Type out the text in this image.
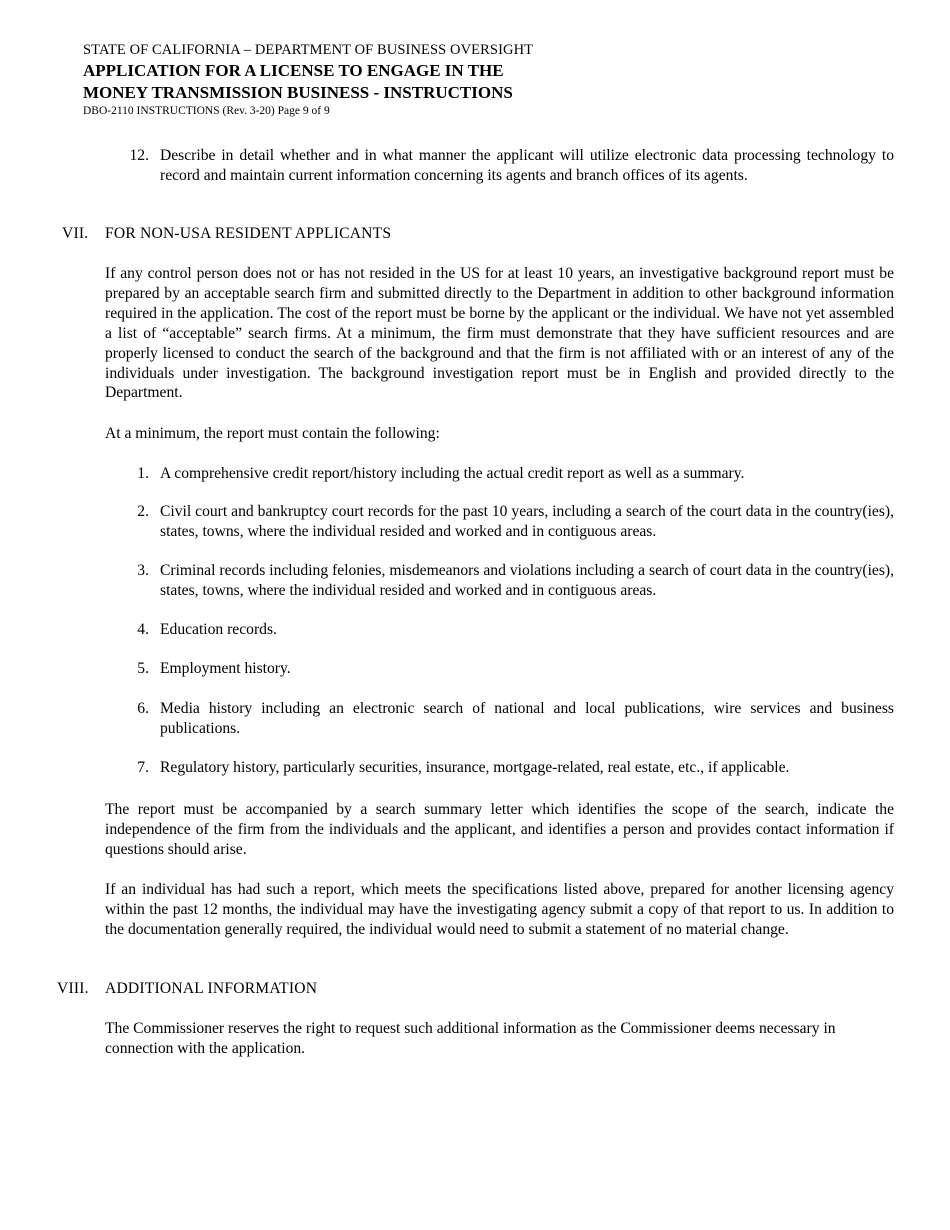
STATE OF CALIFORNIA – DEPARTMENT OF BUSINESS OVERSIGHT
APPLICATION FOR A LICENSE TO ENGAGE IN THE
MONEY TRANSMISSION BUSINESS - INSTRUCTIONS
DBO-2110 INSTRUCTIONS (Rev. 3-20) Page 9 of 9
12. Describe in detail whether and in what manner the applicant will utilize electronic data processing technology to record and maintain current information concerning its agents and branch offices of its agents.
VII. FOR NON-USA RESIDENT APPLICANTS
If any control person does not or has not resided in the US for at least 10 years, an investigative background report must be prepared by an acceptable search firm and submitted directly to the Department in addition to other background information required in the application. The cost of the report must be borne by the applicant or the individual. We have not yet assembled a list of “acceptable” search firms. At a minimum, the firm must demonstrate that they have sufficient resources and are properly licensed to conduct the search of the background and that the firm is not affiliated with or an interest of any of the individuals under investigation. The background investigation report must be in English and provided directly to the Department.
At a minimum, the report must contain the following:
1. A comprehensive credit report/history including the actual credit report as well as a summary.
2. Civil court and bankruptcy court records for the past 10 years, including a search of the court data in the country(ies), states, towns, where the individual resided and worked and in contiguous areas.
3. Criminal records including felonies, misdemeanors and violations including a search of court data in the country(ies), states, towns, where the individual resided and worked and in contiguous areas.
4. Education records.
5. Employment history.
6. Media history including an electronic search of national and local publications, wire services and business publications.
7. Regulatory history, particularly securities, insurance, mortgage-related, real estate, etc., if applicable.
The report must be accompanied by a search summary letter which identifies the scope of the search, indicate the independence of the firm from the individuals and the applicant, and identifies a person and provides contact information if questions should arise.
If an individual has had such a report, which meets the specifications listed above, prepared for another licensing agency within the past 12 months, the individual may have the investigating agency submit a copy of that report to us. In addition to the documentation generally required, the individual would need to submit a statement of no material change.
VIII. ADDITIONAL INFORMATION
The Commissioner reserves the right to request such additional information as the Commissioner deems necessary in connection with the application.
